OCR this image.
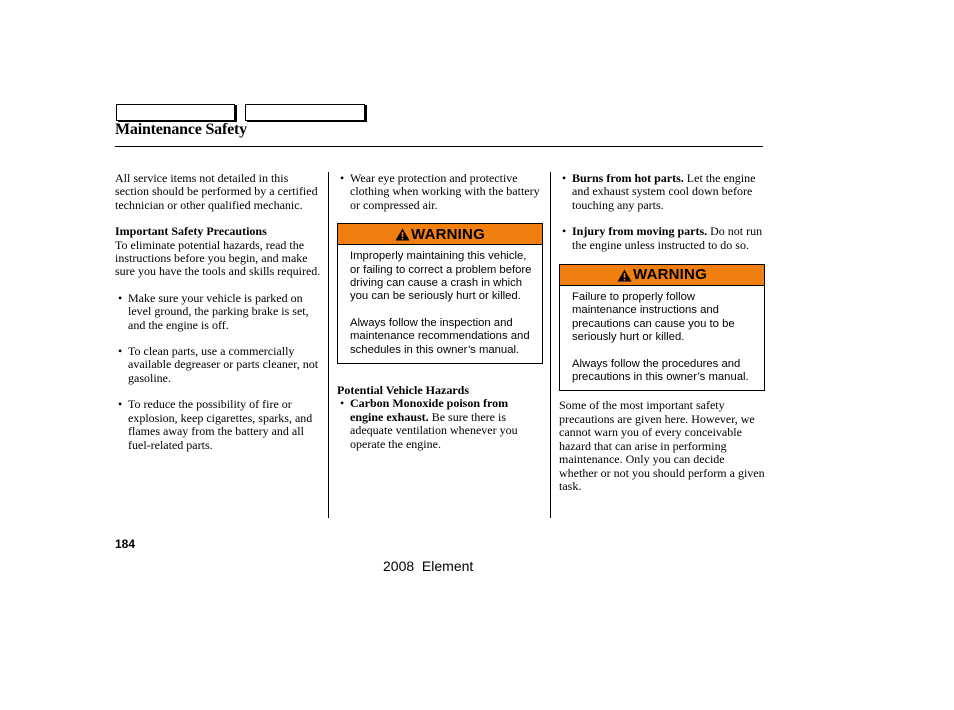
Maintenance Safety

All service items not detailed in this section should be performed by a certified technician or other qualified mechanic.

Important Safety Precautions

To eliminate potential hazards, read the instructions before you begin, and make sure you have the tools and skills required.

• Make sure your vehicle is parked on level ground, the parking brake is set, and the engine is off.

• To clean parts, use a commercially available degreaser or parts cleaner, not gasoline.

• To reduce the possibility of fire or explosion, keep cigarettes, sparks, and flames away from the battery and all fuel-related parts.

• Wear eye protection and protective clothing when working with the battery or compressed air.

WARNING

Improperly maintaining this vehicle, or failing to correct a problem before driving can cause a crash in which you can be seriously hurt or killed.

Always follow the inspection and maintenance recommendations and schedules in this owner’s manual.

Potential Vehicle Hazards

• Carbon Monoxide poison from engine exhaust. Be sure there is adequate ventilation whenever you operate the engine.

• Burns from hot parts. Let the engine and exhaust system cool down before touching any parts.

• Injury from moving parts. Do not run the engine unless instructed to do so.

WARNING

Failure to properly follow maintenance instructions and precautions can cause you to be seriously hurt or killed.

Always follow the procedures and precautions in this owner’s manual.

Some of the most important safety precautions are given here. However, we cannot warn you of every conceivable hazard that can arise in performing maintenance. Only you can decide whether or not you should perform a given task.

184
2008  Element
